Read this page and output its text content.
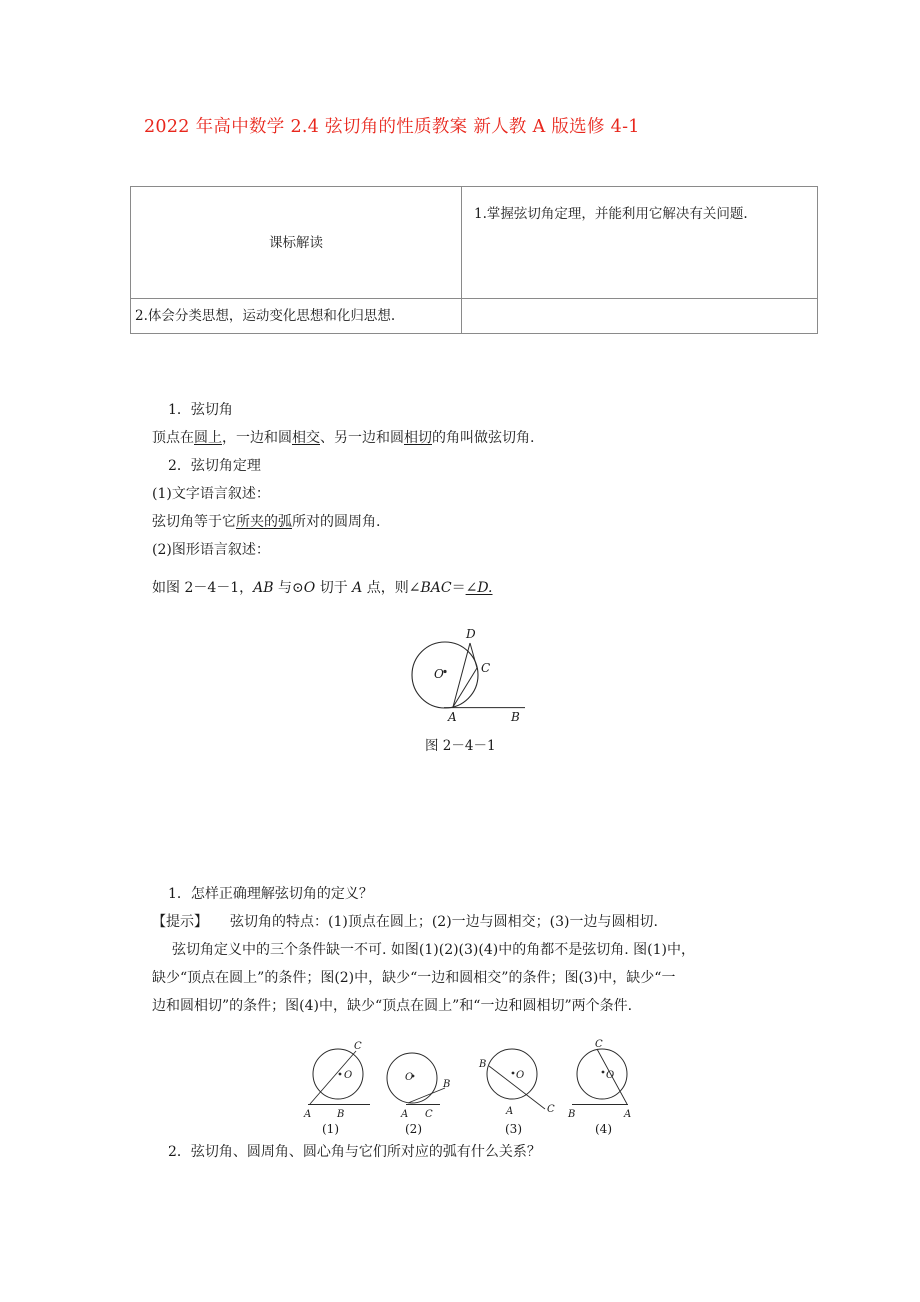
2022 年高中数学 2.4 弦切角的性质教案 新人教 A 版选修 4-1
课标解读	1.掌握弦切角定理，并能利用它解决有关问题.
2.体会分类思想，运动变化思想和化归思想.	
1．弦切角
顶点在圆上，一边和圆相交、另一边和圆相切的角叫做弦切角.
2．弦切角定理
(1)文字语言叙述：
弦切角等于它所夹的弧所对的圆周角.
(2)图形语言叙述：
如图 2－4－1，AB 与⊙O 切于 A 点，则∠BAC＝∠D.
D
C
O
A	B
图 2－4－1
1．怎样正确理解弦切角的定义？
【提示】 弦切角的特点：(1)顶点在圆上；(2)一边与圆相交；(3)一边与圆相切.
弦切角定义中的三个条件缺一不可. 如图(1)(2)(3)(4)中的角都不是弦切角. 图(1)中，
缺少“顶点在圆上”的条件；图(2)中，缺少“一边和圆相交”的条件；图(3)中，缺少“一
边和圆相切”的条件；图(4)中，缺少“顶点在圆上”和“一边和圆相切”两个条件.
C
O
A	B
O
B
A C
B
O
A	C
C
O
B	A
(1)	(2)	(3)	(4)
2．弦切角、圆周角、圆心角与它们所对应的弧有什么关系？
